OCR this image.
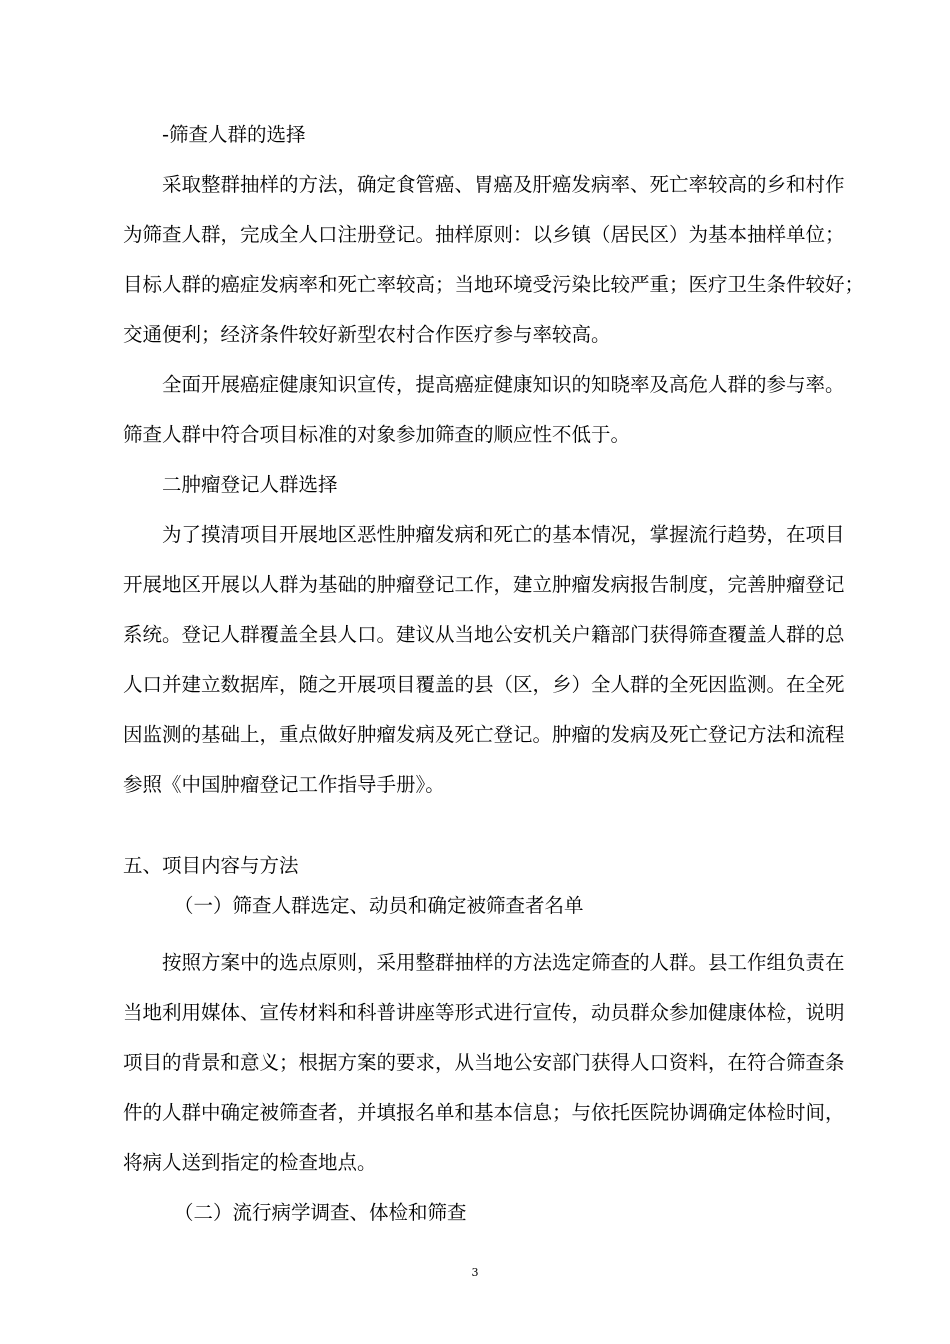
-筛查人群的选择
采取整群抽样的方法，确定食管癌、胃癌及肝癌发病率、死亡率较高的乡和村作
为筛查人群，完成全人口注册登记。抽样原则：以乡镇（居民区）为基本抽样单位；
目标人群的癌症发病率和死亡率较高；当地环境受污染比较严重；医疗卫生条件较好；
交通便利；经济条件较好新型农村合作医疗参与率较高。
全面开展癌症健康知识宣传，提高癌症健康知识的知晓率及高危人群的参与率。
筛查人群中符合项目标准的对象参加筛查的顺应性不低于。
二肿瘤登记人群选择
为了摸清项目开展地区恶性肿瘤发病和死亡的基本情况，掌握流行趋势，在项目
开展地区开展以人群为基础的肿瘤登记工作，建立肿瘤发病报告制度，完善肿瘤登记
系统。登记人群覆盖全县人口。建议从当地公安机关户籍部门获得筛查覆盖人群的总
人口并建立数据库，随之开展项目覆盖的县（区，乡）全人群的全死因监测。在全死
因监测的基础上，重点做好肿瘤发病及死亡登记。肿瘤的发病及死亡登记方法和流程
参照《中国肿瘤登记工作指导手册》。
五、项目内容与方法
（一）筛查人群选定、动员和确定被筛查者名单
按照方案中的选点原则，采用整群抽样的方法选定筛查的人群。县工作组负责在
当地利用媒体、宣传材料和科普讲座等形式进行宣传，动员群众参加健康体检，说明
项目的背景和意义；根据方案的要求，从当地公安部门获得人口资料，在符合筛查条
件的人群中确定被筛查者，并填报名单和基本信息；与依托医院协调确定体检时间，
将病人送到指定的检查地点。
（二）流行病学调查、体检和筛查
3
